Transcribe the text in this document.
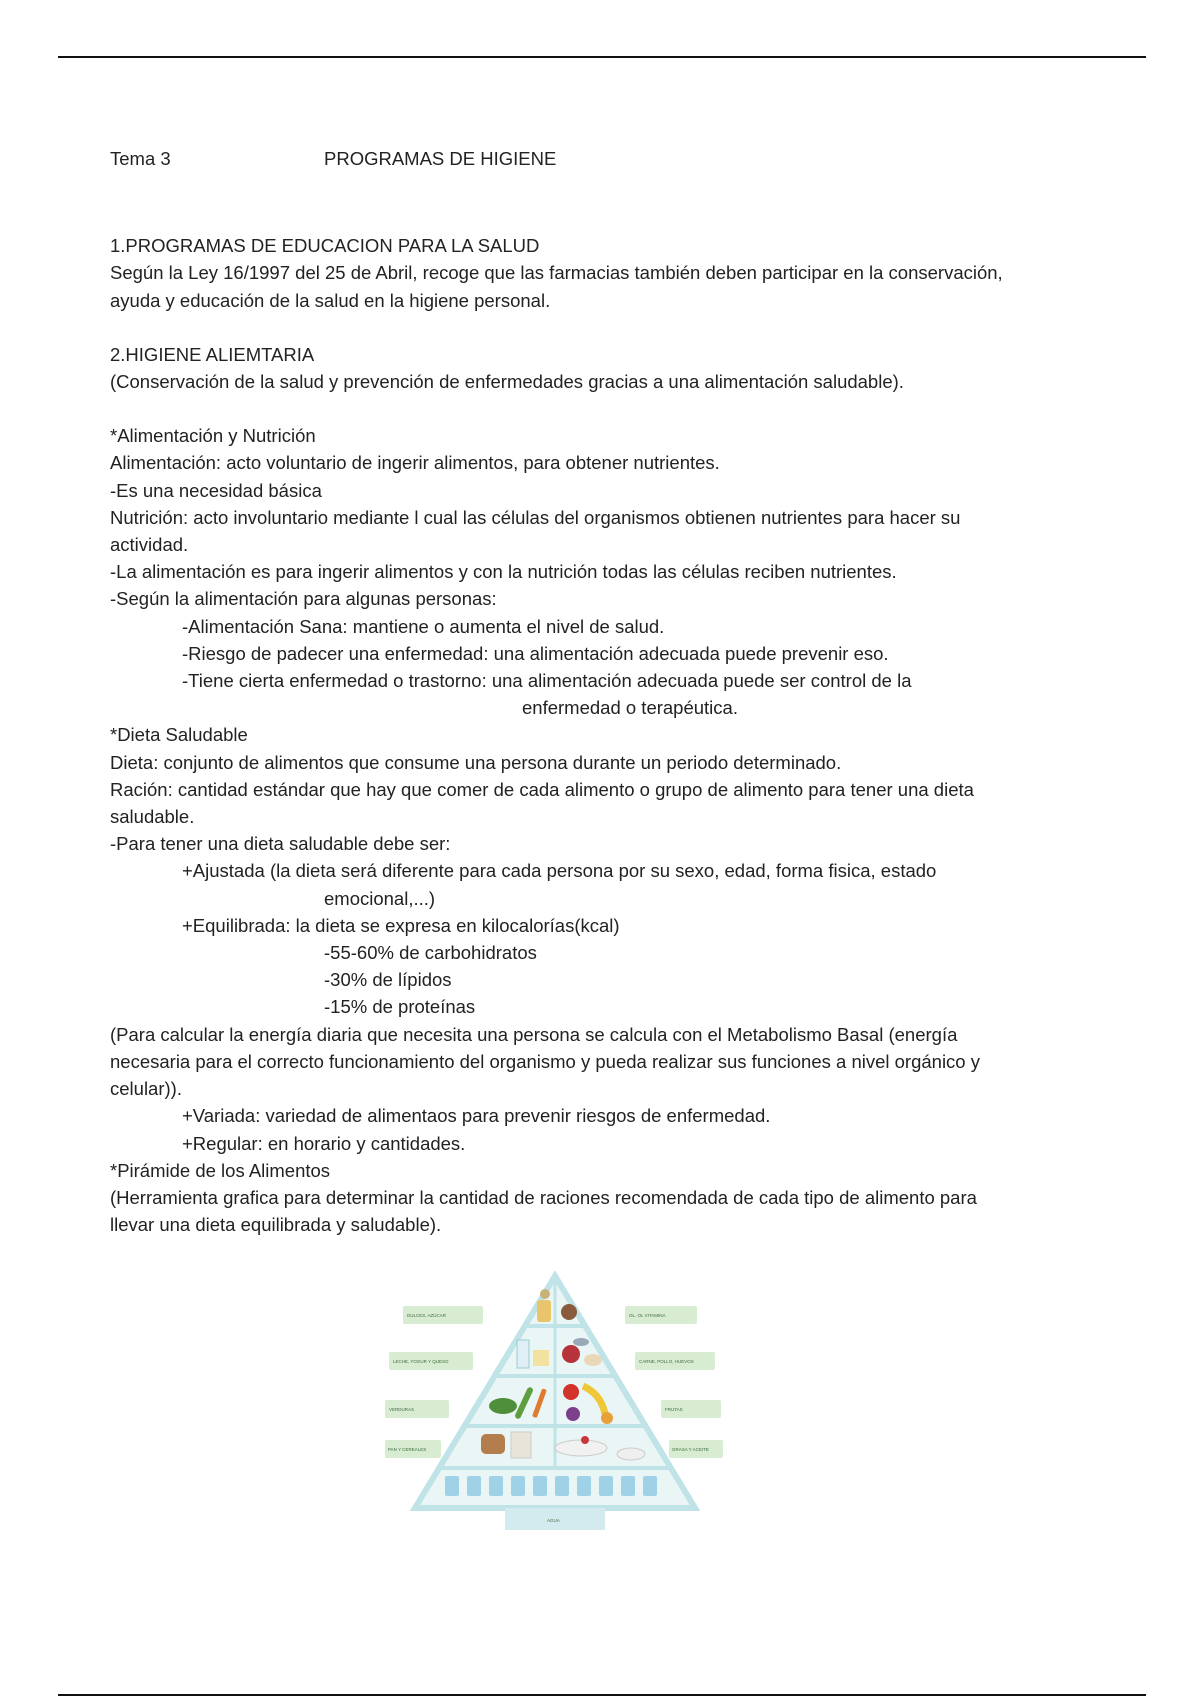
Tema 3	PROGRAMAS DE HIGIENE
1.PROGRAMAS DE EDUCACION PARA LA SALUD
Según la Ley 16/1997 del 25 de Abril, recoge que las farmacias también deben participar en la conservación,
ayuda y educación de la salud en la higiene personal.
2.HIGIENE ALIEMTARIA
(Conservación de la salud y prevención de enfermedades gracias a una alimentación saludable).
*Alimentación y Nutrición
Alimentación: acto voluntario de ingerir alimentos, para obtener nutrientes.
-Es una necesidad básica
Nutrición: acto involuntario mediante l cual las células del organismos obtienen nutrientes para hacer su
actividad.
-La alimentación es para ingerir alimentos y con la nutrición todas las células reciben nutrientes.
-Según la alimentación para algunas personas:
-Alimentación Sana: mantiene o aumenta el nivel de salud.
-Riesgo de padecer una enfermedad: una alimentación adecuada puede prevenir eso.
-Tiene cierta enfermedad o trastorno: una alimentación adecuada puede ser control de la
enfermedad o terapéutica.
*Dieta Saludable
Dieta: conjunto de alimentos que consume una persona durante un periodo determinado.
Ración: cantidad estándar que hay que comer de cada alimento o grupo de alimento para tener una dieta
saludable.
-Para tener una dieta saludable debe ser:
+Ajustada (la dieta será diferente para cada persona por su sexo, edad, forma fisica, estado
emocional,...)
+Equilibrada: la dieta se expresa en kilocalorías(kcal)
-55-60% de carbohidratos
-30% de lípidos
-15% de proteínas
(Para calcular la energía diaria que necesita una persona se calcula con el Metabolismo Basal (energía
necesaria para el correcto funcionamiento del organismo y pueda realizar sus funciones a nivel orgánico y
celular)).
+Variada: variedad de alimentaos para prevenir riesgos de enfermedad.
+Regular: en horario y cantidades.
*Pirámide de los Alimentos
(Herramienta grafica para determinar la cantidad de raciones recomendada de cada tipo de alimento para
llevar una dieta equilibrada y saludable).
DULCES, AZÚCAR	OL. OL VITAMINA
LECHE, YOGUR Y QUESO	CARNE, POLLO, HUEVOS
VERDURAS	FRUTAS
PAN Y CEREALES	GRASA Y ACEITE
AGUA
